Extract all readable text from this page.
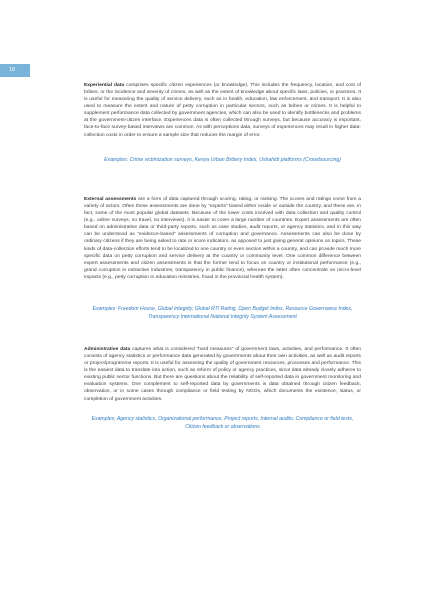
18

Experiential data comprises specific citizen experiences (or knowledge). This includes the frequency, location, and cost of bribes, or the incidence and severity of crimes, as well as the extent of knowledge about specific laws, policies, or practices. It is useful for measuring the quality of service delivery, such as in health, education, law enforcement, and transport. It is also used to measure the extent and nature of petty corruption in particular sectors, such as bribes or crimes. It is helpful to supplement performance data collected by government agencies, which can also be used to identify bottlenecks and problems at the government-citizen interface. Experiences data is often collected through surveys, but because accuracy is important, face-to-face survey-based interviews are common. As with perceptions data, surveys of experiences may result in higher data-collection costs in order to ensure a sample size that reduces the margin of error.

Examples: Crime victimization surveys, Kenya Urban Bribery Index, Ushahidi platforms (Crowdsourcing)

External assessments are a form of data captured through scoring, rating, or ranking. The scores and ratings come from a variety of actors. Often these assessments are done by “experts” based either inside or outside the country, and these are, in fact, some of the most popular global datasets. Because of the lower costs involved with data collection and quality control (e.g., online surveys, no travel, no interviews), it is easier to cover a large number of countries. Expert assessments are often based on administrative data or third-party reports, such as case studies, audit reports, or agency statistics, and in this way can be understood as “evidence-based” assessments of corruption and governance. Assessments can also be done by ordinary citizens if they are being asked to rate or score indicators, as opposed to just giving general opinions on topics. These kinds of data-collection efforts tend to be localized to one country or even section within a country, and can provide much more specific data on petty corruption and service delivery at the country or community level. One common difference between expert assessments and citizen assessments is that the former tend to focus on country or institutional performance (e.g., grand corruption in extractive industries, transparency in public finance), whereas the latter often concentrate on micro-level impacts (e.g., petty corruption in education ministries, fraud in the provincial health system).

Examples: Freedom House, Global Integrity, Global RTI Rating, Open Budget Index, Resource Governance Index, Transparency International National Integrity System Assessment

Administrative data captures what is considered “hard measures” of government laws, activities, and performance. It often consists of agency statistics or performance data generated by governments about their own activities, as well as audit reports or project/programme reports. It is useful for assessing the quality of government resources, processes and performance. This is the easiest data to translate into action, such as reform of policy or agency practices, since data already closely adheres to existing public sector functions. But there are questions about the reliability of self-reported data in government monitoring and evaluation systems. One complement to self-reported data by governments is data obtained through citizen feedback, observation, or in some cases through compliance or field testing by NGOs, which documents the existence, status, or completion of government activities.

Examples: Agency statistics, Organizational performance, Project reports, Internal audits, Compliance or field tests, Citizen feedback or observations
